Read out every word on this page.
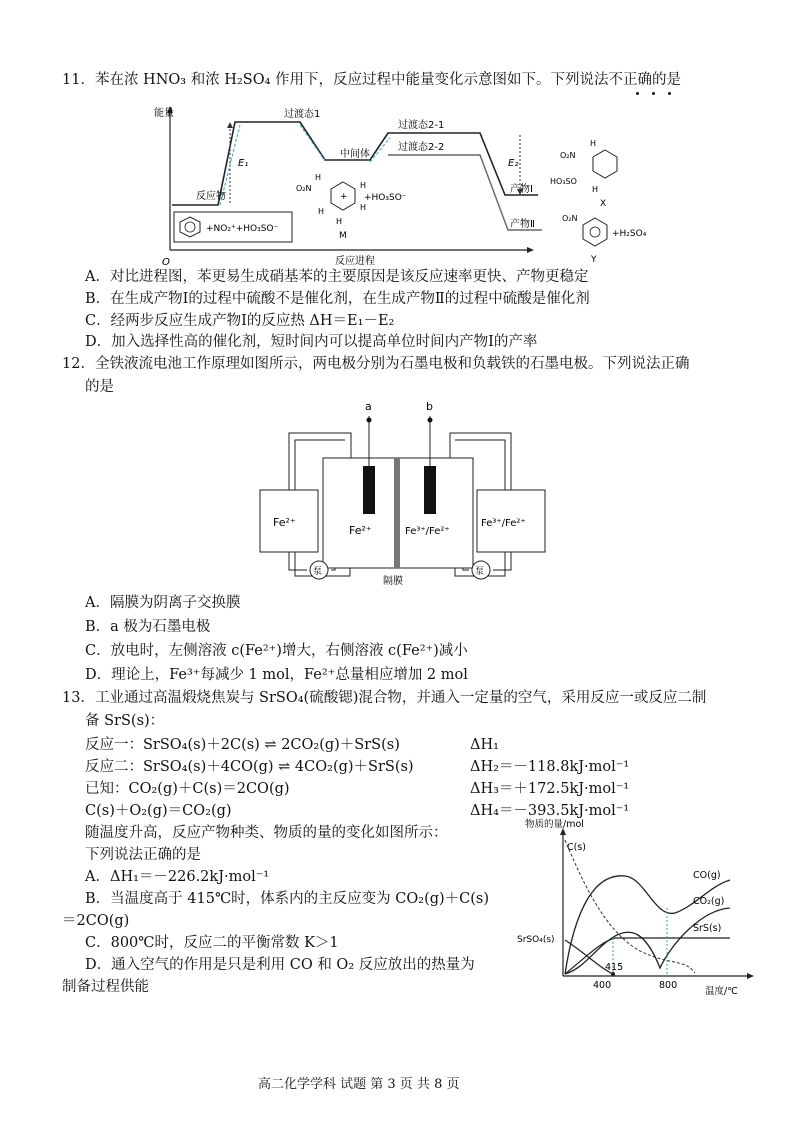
11．苯在浓 HNO₃ 和浓 H₂SO₄ 作用下，反应过程中能量变化示意图如下。下列说法不正确的是
能量
O	反应进程
反应物
过渡态1
中间体
过渡态2-1
过渡态2-2
产物Ⅰ
产物Ⅱ
E₁	E₂
+NO₂⁺+HO₃SO⁻
+
O₂N
H
H
H
H
H
+HO₃SO⁻
M
O₂N
H
HO₃SO
H
X
O₂N
+H₂SO₄
Y
A．对比进程图，苯更易生成硝基苯的主要原因是该反应速率更快、产物更稳定
B．在生成产物Ⅰ的过程中硫酸不是催化剂，在生成产物Ⅱ的过程中硫酸是催化剂
C．经两步反应生成产物Ⅰ的反应热 ΔH＝E₁－E₂
D．加入选择性高的催化剂，短时间内可以提高单位时间内产物Ⅰ的产率
12．全铁液流电池工作原理如图所示，两电极分别为石墨电极和负载铁的石墨电极。下列说法正确
的是
泵	泵
a	b
Fe²⁺
Fe²⁺	Fe³⁺/Fe²⁺
Fe³⁺/Fe²⁺
隔膜
A．隔膜为阴离子交换膜
B．a 极为石墨电极
C．放电时，左侧溶液 c(Fe²⁺)增大，右侧溶液 c(Fe²⁺)减小
D．理论上，Fe³⁺每减少 1 mol，Fe²⁺总量相应增加 2 mol
13．工业通过高温煅烧焦炭与 SrSO₄(硫酸锶)混合物，并通入一定量的空气，采用反应一或反应二制
备 SrS(s)：
反应一：SrSO₄(s)＋2C(s) ⇌ 2CO₂(g)＋SrS(s)	ΔH₁
反应二：SrSO₄(s)＋4CO(g) ⇌ 4CO₂(g)＋SrS(s)	ΔH₂＝－118.8kJ·mol⁻¹
已知：CO₂(g)＋C(s)＝2CO(g)	ΔH₃＝＋172.5kJ·mol⁻¹
C(s)＋O₂(g)＝CO₂(g)	ΔH₄＝－393.5kJ·mol⁻¹
随温度升高，反应产物种类、物质的量的变化如图所示：
下列说法正确的是
A．ΔH₁＝－226.2kJ·mol⁻¹
B．当温度高于 415℃时，体系内的主反应变为 CO₂(g)＋C(s)
＝2CO(g)
C．800℃时，反应二的平衡常数 K＞1
D．通入空气的作用是只是利用 CO 和 O₂ 反应放出的热量为
制备过程供能
物质的量/mol
C(s)
CO(g)
CO₂(g)
SrS(s)
SrSO₄(s)
415
400	800
温度/℃
高二化学学科 试题 第 3 页 共 8 页
